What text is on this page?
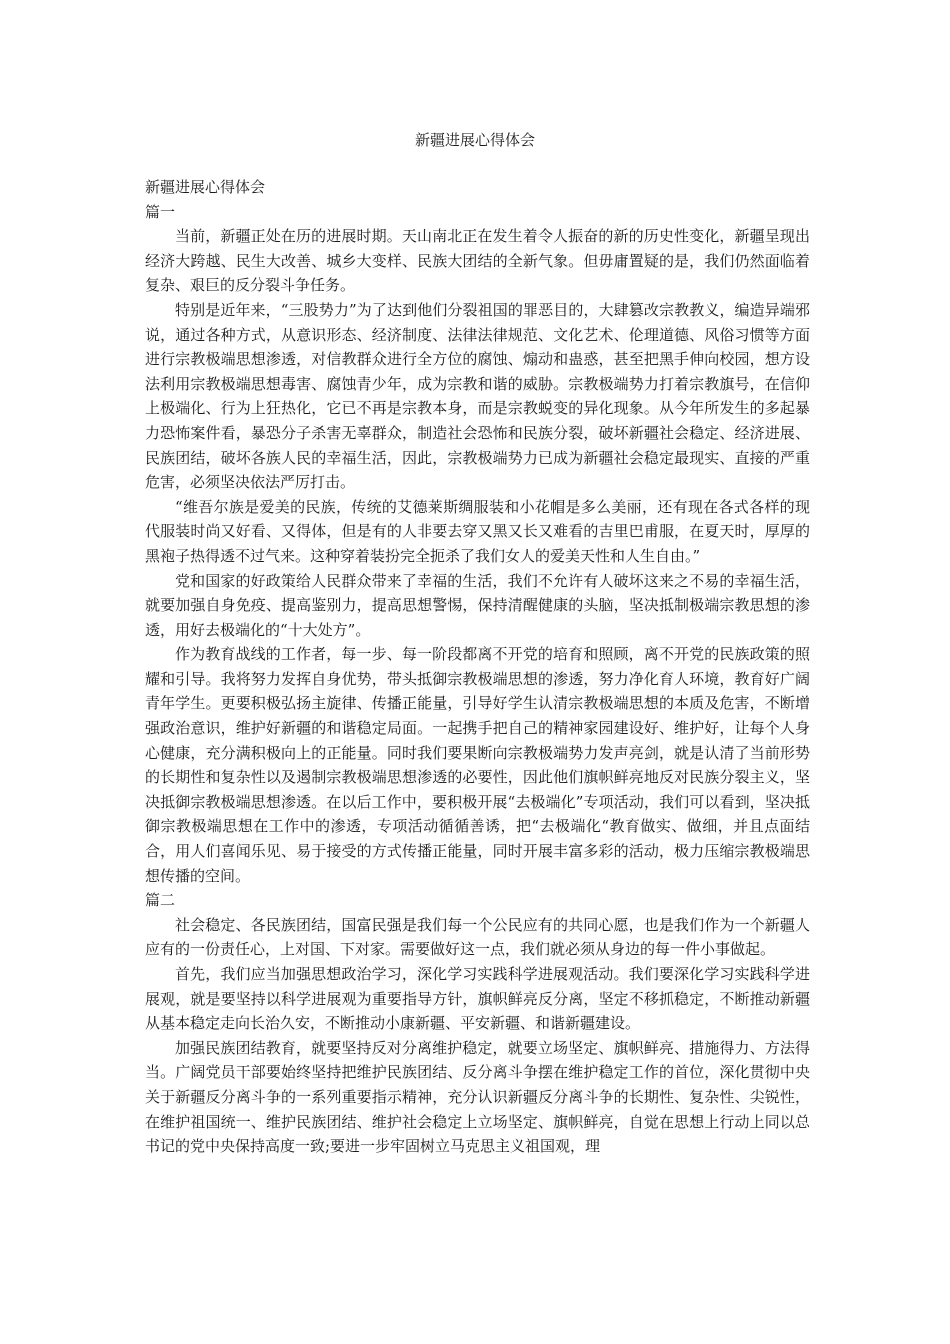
新疆进展心得体会

新疆进展心得体会

篇一

当前，新疆正处在历的进展时期。天山南北正在发生着令人振奋的新的历史性变化，新疆呈现出经济大跨越、民生大改善、城乡大变样、民族大团结的全新气象。但毋庸置疑的是，我们仍然面临着复杂、艰巨的反分裂斗争任务。

特别是近年来，“三股势力”为了达到他们分裂祖国的罪恶目的，大肆篡改宗教教义，编造异端邪说，通过各种方式，从意识形态、经济制度、法律法律规范、文化艺术、伦理道德、风俗习惯等方面进行宗教极端思想渗透，对信教群众进行全方位的腐蚀、煽动和蛊惑，甚至把黑手伸向校园，想方设法利用宗教极端思想毒害、腐蚀青少年，成为宗教和谐的威胁。宗教极端势力打着宗教旗号，在信仰上极端化、行为上狂热化，它已不再是宗教本身，而是宗教蜕变的异化现象。从今年所发生的多起暴力恐怖案件看，暴恐分子杀害无辜群众，制造社会恐怖和民族分裂，破坏新疆社会稳定、经济进展、民族团结，破坏各族人民的幸福生活，因此，宗教极端势力已成为新疆社会稳定最现实、直接的严重危害，必须坚决依法严厉打击。

“维吾尔族是爱美的民族，传统的艾德莱斯绸服装和小花帽是多么美丽，还有现在各式各样的现代服装时尚又好看、又得体，但是有的人非要去穿又黑又长又难看的吉里巴甫服，在夏天时，厚厚的黑袍子热得透不过气来。这种穿着装扮完全扼杀了我们女人的爱美天性和人生自由。”

党和国家的好政策给人民群众带来了幸福的生活，我们不允许有人破坏这来之不易的幸福生活，就要加强自身免疫、提高鉴别力，提高思想警惕，保持清醒健康的头脑，坚决抵制极端宗教思想的渗透，用好去极端化的“十大处方”。

作为教育战线的工作者，每一步、每一阶段都离不开党的培育和照顾，离不开党的民族政策的照耀和引导。我将努力发挥自身优势，带头抵御宗教极端思想的渗透，努力净化育人环境，教育好广阔青年学生。更要积极弘扬主旋律、传播正能量，引导好学生认清宗教极端思想的本质及危害，不断增强政治意识，维护好新疆的和谐稳定局面。一起携手把自己的精神家园建设好、维护好，让每个人身心健康，充分满积极向上的正能量。同时我们要果断向宗教极端势力发声亮剑，就是认清了当前形势的长期性和复杂性以及遏制宗教极端思想渗透的必要性，因此他们旗帜鲜亮地反对民族分裂主义，坚决抵御宗教极端思想渗透。在以后工作中，要积极开展“去极端化”专项活动，我们可以看到，坚决抵御宗教极端思想在工作中的渗透，专项活动循循善诱，把“去极端化“教育做实、做细，并且点面结合，用人们喜闻乐见、易于接受的方式传播正能量，同时开展丰富多彩的活动，极力压缩宗教极端思想传播的空间。

篇二

社会稳定、各民族团结，国富民强是我们每一个公民应有的共同心愿，也是我们作为一个新疆人应有的一份责任心，上对国、下对家。需要做好这一点，我们就必须从身边的每一件小事做起。

首先，我们应当加强思想政治学习，深化学习实践科学进展观活动。我们要深化学习实践科学进展观，就是要坚持以科学进展观为重要指导方针，旗帜鲜亮反分离，坚定不移抓稳定，不断推动新疆从基本稳定走向长治久安，不断推动小康新疆、平安新疆、和谐新疆建设。

加强民族团结教育，就要坚持反对分离维护稳定，就要立场坚定、旗帜鲜亮、措施得力、方法得当。广阔党员干部要始终坚持把维护民族团结、反分离斗争摆在维护稳定工作的首位，深化贯彻中央关于新疆反分离斗争的一系列重要指示精神，充分认识新疆反分离斗争的长期性、复杂性、尖锐性，在维护祖国统一、维护民族团结、维护社会稳定上立场坚定、旗帜鲜亮，自觉在思想上行动上同以总书记的党中央保持高度一致;要进一步牢固树立马克思主义祖国观，理
